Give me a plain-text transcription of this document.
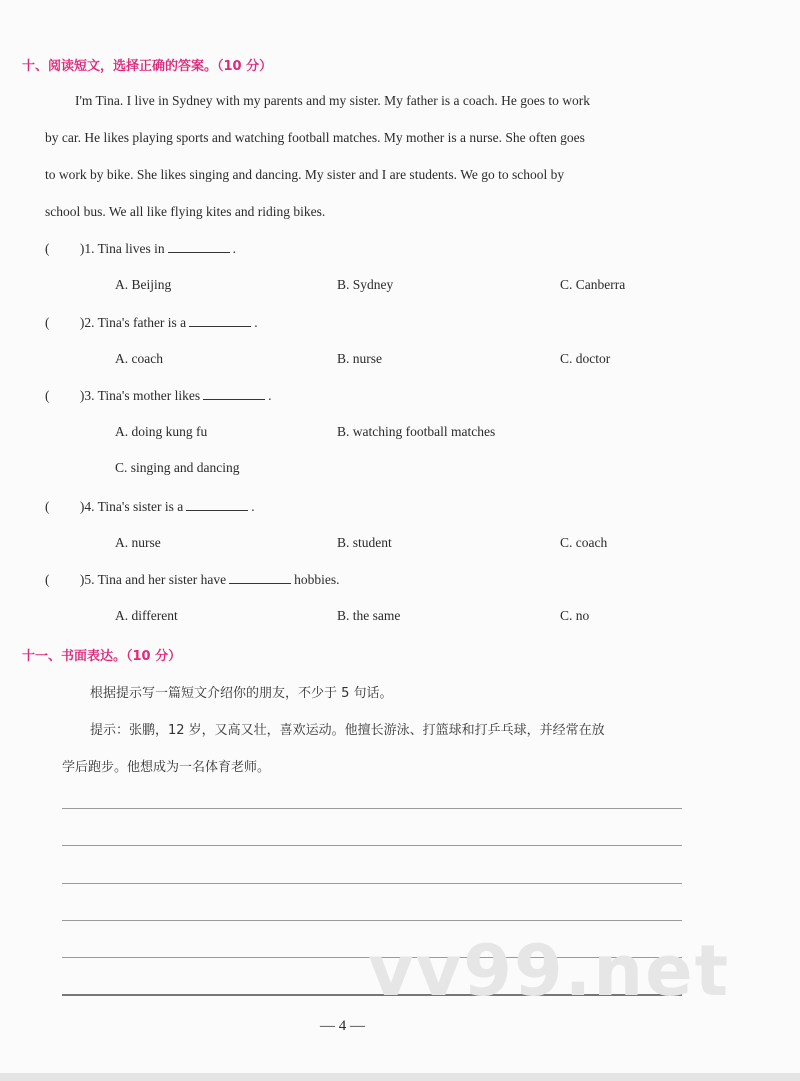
十、阅读短文，选择正确的答案。（10 分）
I'm Tina. I live in Sydney with my parents and my sister. My father is a coach. He goes to work
by car. He likes playing sports and watching football matches. My mother is a nurse. She often goes
to work by bike. She likes singing and dancing. My sister and I are students. We go to school by
school bus. We all like flying kites and riding bikes.
(         )1. Tina lives in	.
A. Beijing	B. Sydney	C. Canberra
(         )2. Tina's father is a	.
A. coach	B. nurse	C. doctor
(         )3. Tina's mother likes	.
A. doing kung fu	B. watching football matches
C. singing and dancing
(         )4. Tina's sister is a	.
A. nurse	B. student	C. coach
(         )5. Tina and her sister have	hobbies.
A. different	B. the same	C. no
十一、书面表达。（10 分）
根据提示写一篇短文介绍你的朋友，不少于 5 句话。
提示：张鹏，12 岁，又高又壮，喜欢运动。他擅长游泳、打篮球和打乒乓球，并经常在放
学后跑步。他想成为一名体育老师。
vv99.net
— 4 —
